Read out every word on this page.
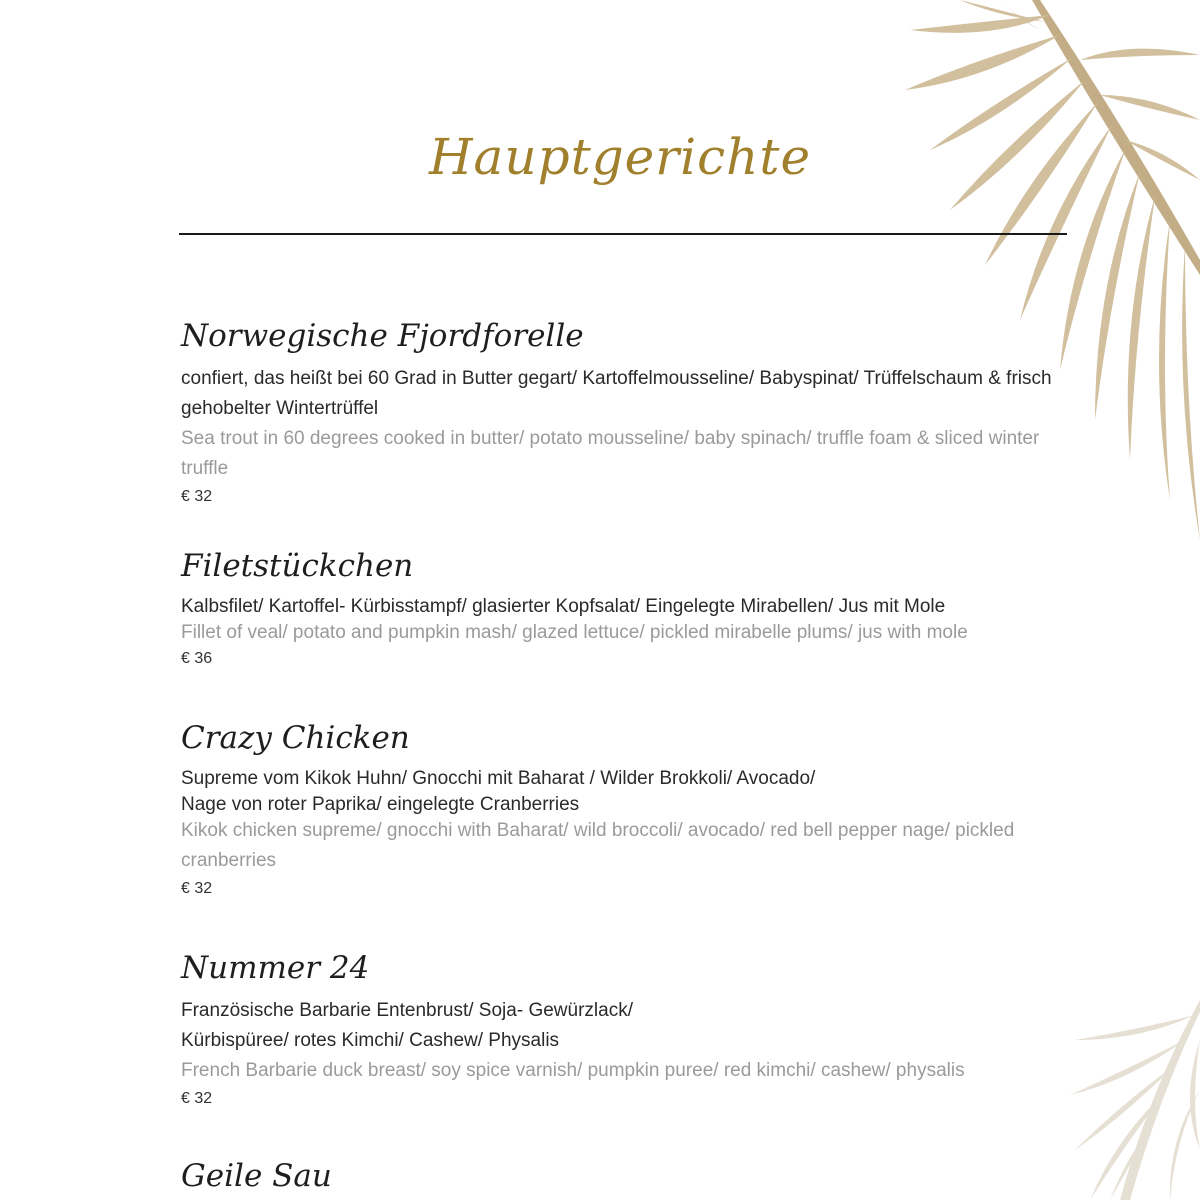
Hauptgerichte
Norwegische Fjordforelle
confiert, das heißt bei 60 Grad in Butter gegart/ Kartoffelmousseline/ Babyspinat/ Trüffelschaum & frisch gehobelter Wintertrüffel
Sea trout in 60 degrees cooked in butter/ potato mousseline/ baby spinach/ truffle foam & sliced winter truffle
€ 32
Filetstückchen
Kalbsfilet/ Kartoffel- Kürbisstampf/ glasierter Kopfsalat/ Eingelegte Mirabellen/ Jus mit Mole
Fillet of veal/ potato and pumpkin mash/ glazed lettuce/ pickled mirabelle plums/ jus with mole
€ 36
Crazy Chicken
Supreme vom Kikok Huhn/ Gnocchi mit Baharat / Wilder Brokkoli/ Avocado/
Nage von roter Paprika/ eingelegte Cranberries
Kikok chicken supreme/ gnocchi with Baharat/ wild broccoli/ avocado/ red bell pepper nage/ pickled cranberries
€ 32
Nummer 24
Französische Barbarie Entenbrust/ Soja- Gewürzlack/
Kürbispüree/ rotes Kimchi/ Cashew/ Physalis
French Barbarie duck breast/ soy spice varnish/ pumpkin puree/ red kimchi/ cashew/ physalis
€ 32
Geile Sau
